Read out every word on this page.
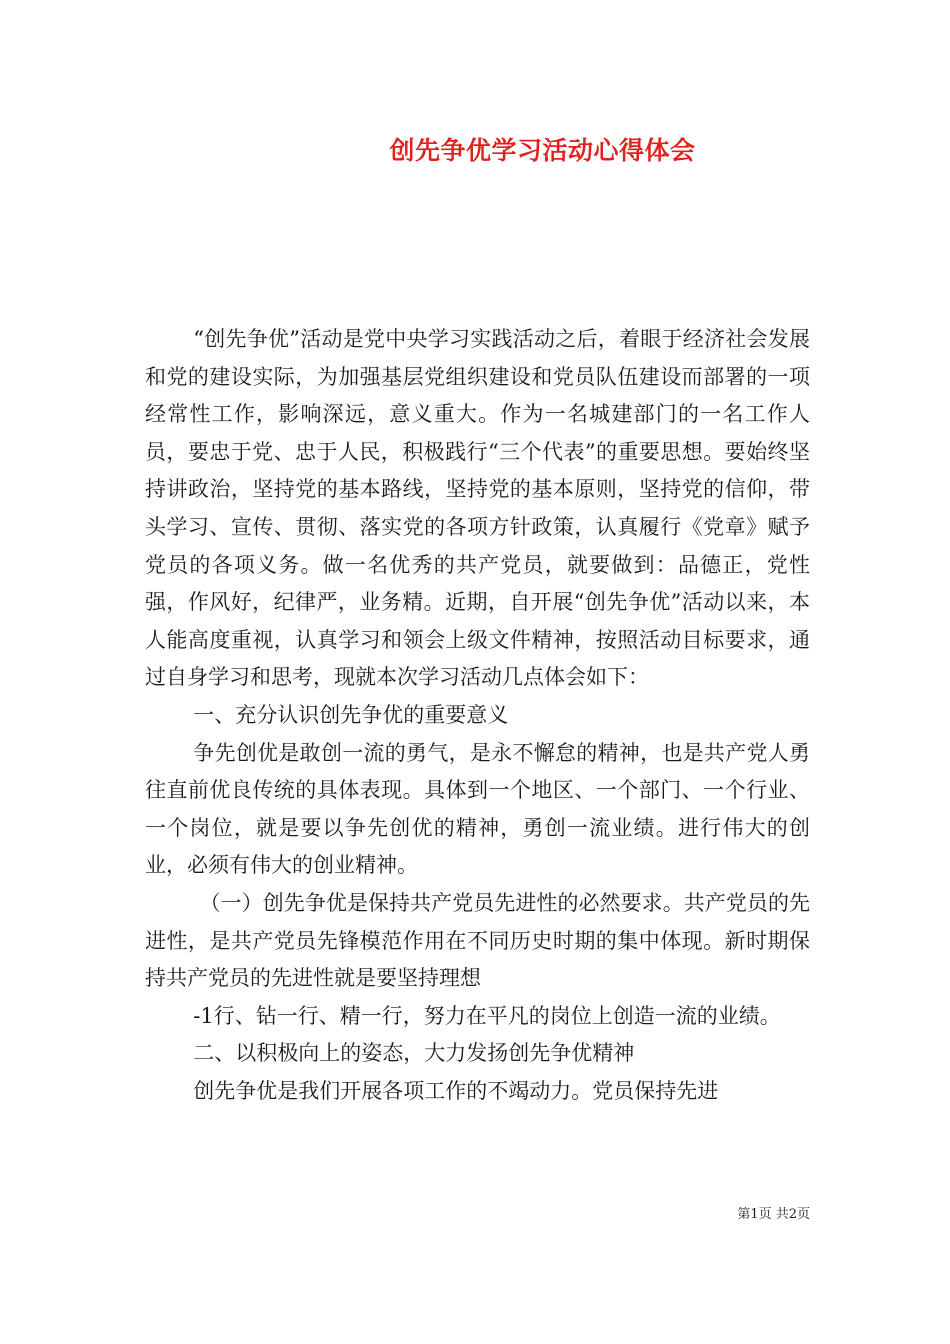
创先争优学习活动心得体会

“创先争优”活动是党中央学习实践活动之后，着眼于经济社会发展和党的建设实际，为加强基层党组织建设和党员队伍建设而部署的一项经常性工作，影响深远，意义重大。作为一名城建部门的一名工作人员，要忠于党、忠于人民，积极践行“三个代表”的重要思想。要始终坚持讲政治，坚持党的基本路线，坚持党的基本原则，坚持党的信仰，带头学习、宣传、贯彻、落实党的各项方针政策，认真履行《党章》赋予党员的各项义务。做一名优秀的共产党员，就要做到：品德正，党性强，作风好，纪律严，业务精。近期，自开展“创先争优”活动以来，本人能高度重视，认真学习和领会上级文件精神，按照活动目标要求，通过自身学习和思考，现就本次学习活动几点体会如下：

一、充分认识创先争优的重要意义

争先创优是敢创一流的勇气，是永不懈怠的精神，也是共产党人勇往直前优良传统的具体表现。具体到一个地区、一个部门、一个行业、一个岗位，就是要以争先创优的精神，勇创一流业绩。进行伟大的创业，必须有伟大的创业精神。

（一）创先争优是保持共产党员先进性的必然要求。共产党员的先进性，是共产党员先锋模范作用在不同历史时期的集中体现。新时期保持共产党员的先进性就是要坚持理想

-1行、钻一行、精一行，努力在平凡的岗位上创造一流的业绩。

二、以积极向上的姿态，大力发扬创先争优精神

创先争优是我们开展各项工作的不竭动力。党员保持先进

第1页 共2页
